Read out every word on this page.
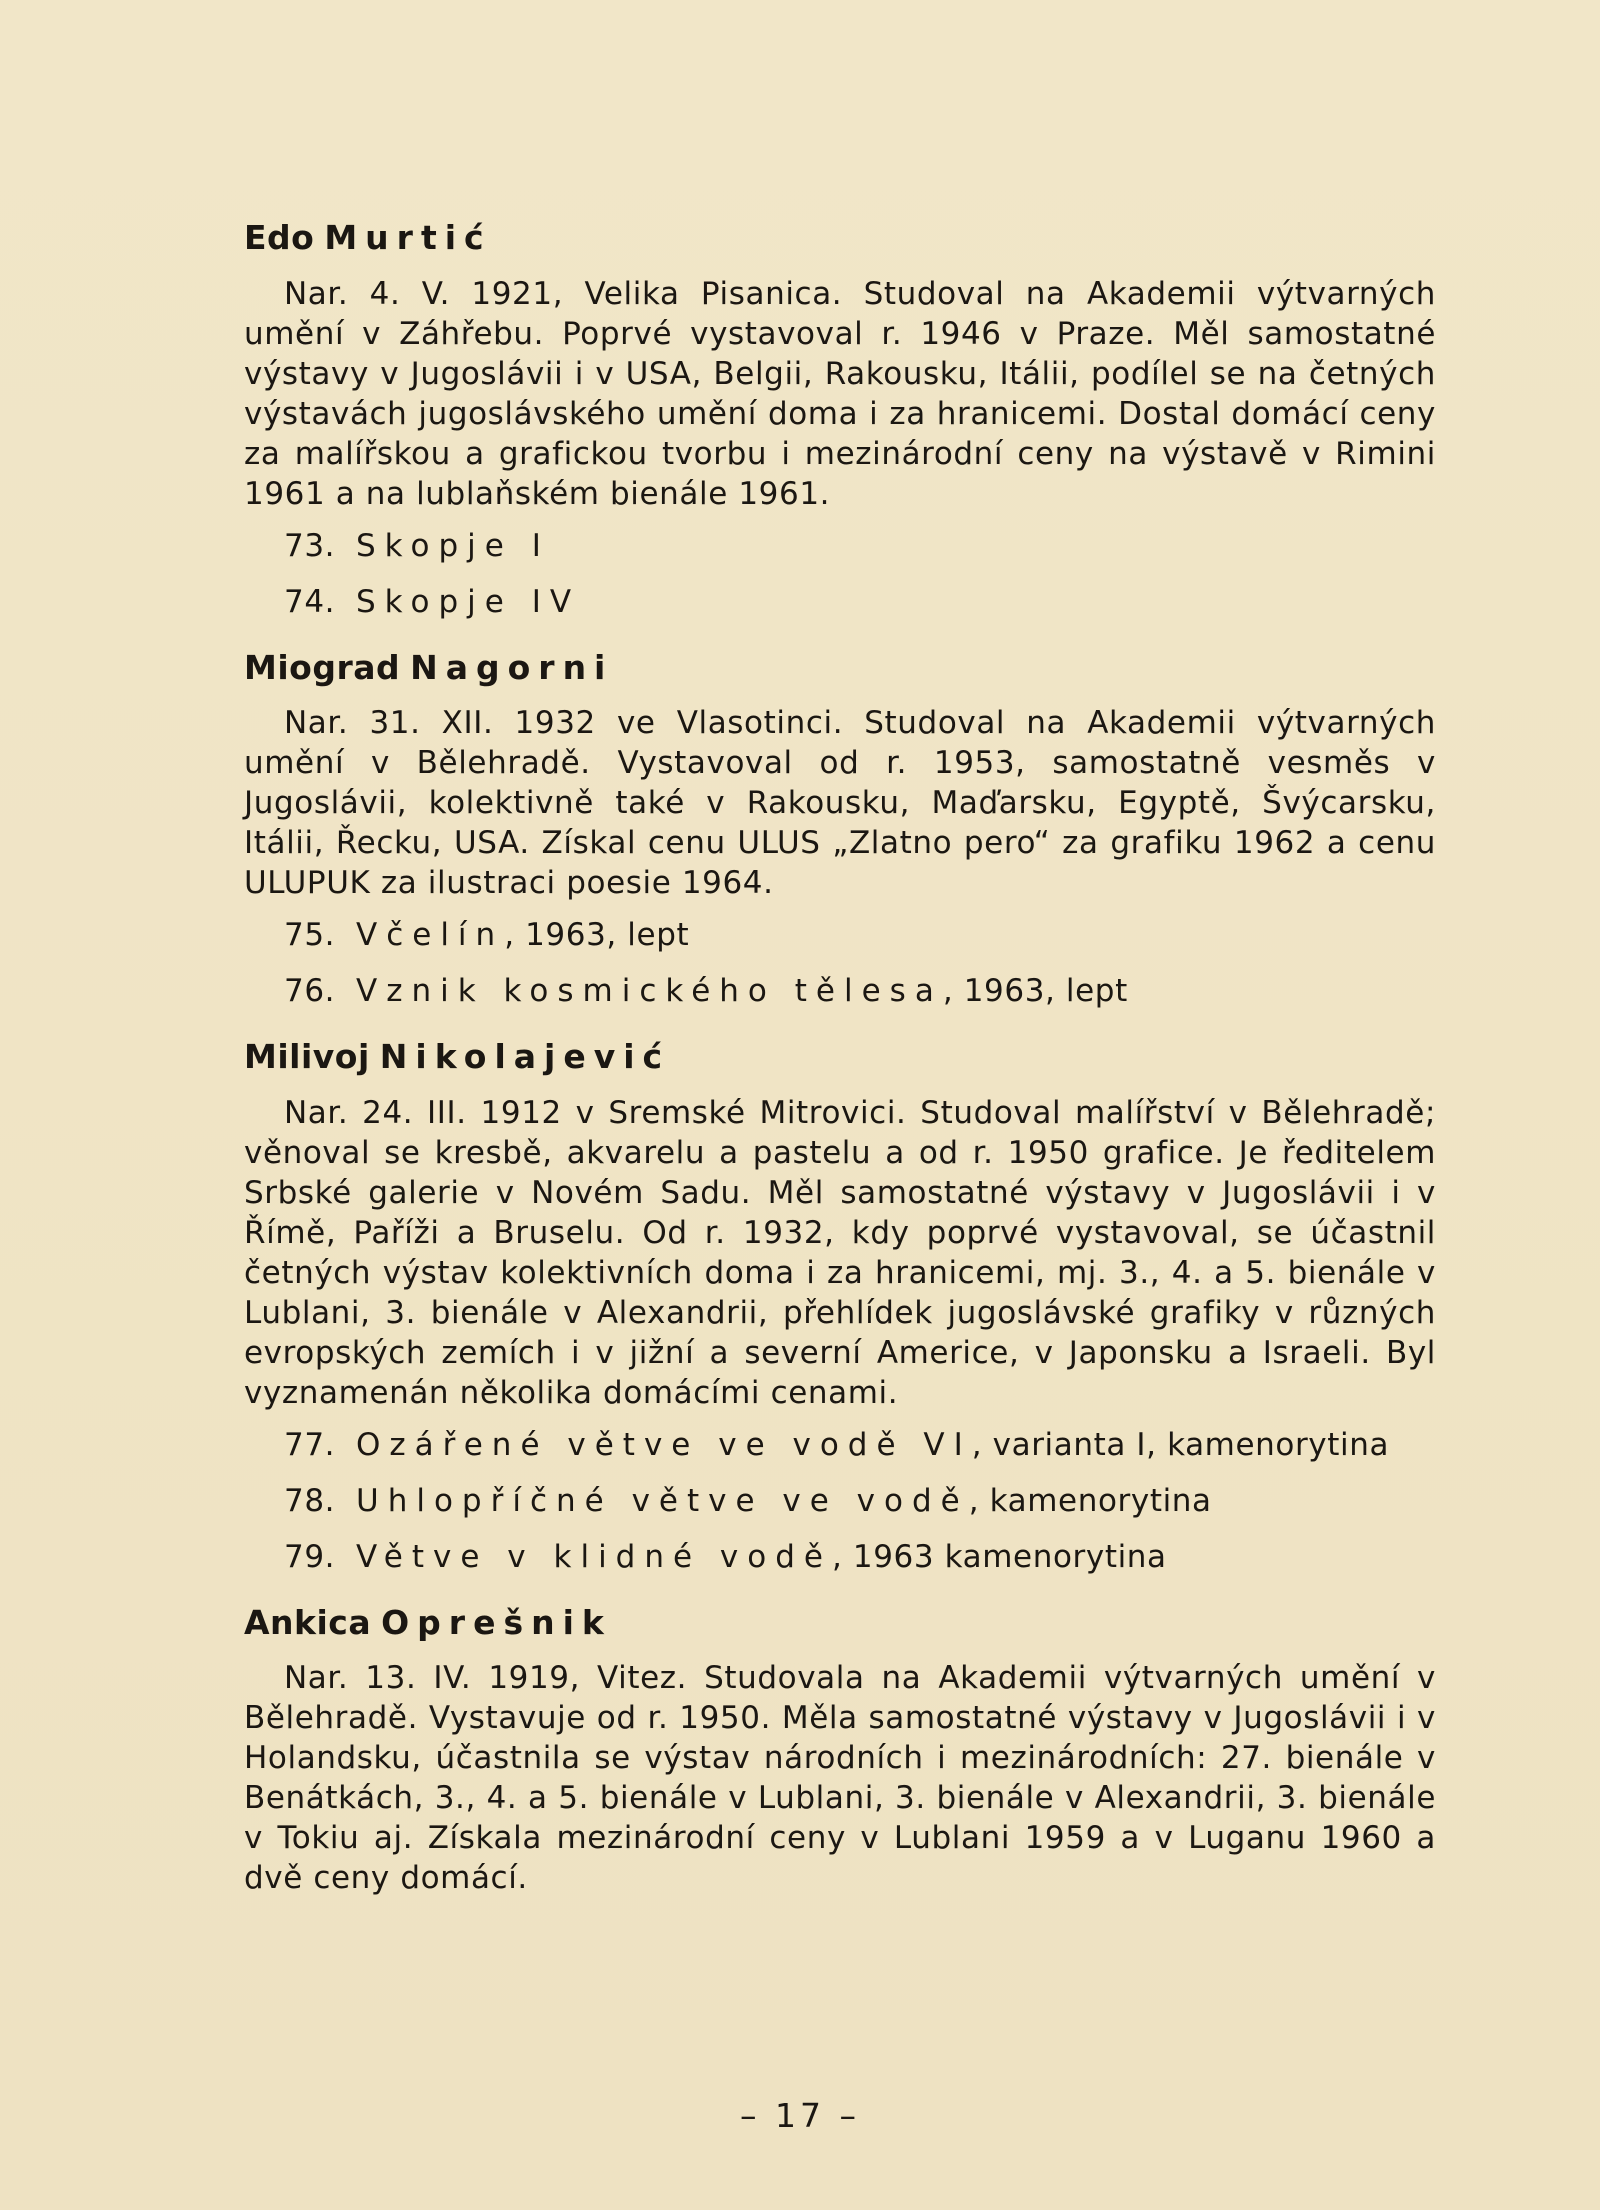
Edo Murtić

Nar. 4. V. 1921, Velika Pisanica. Studoval na Akademii výtvarných umění v Záhřebu. Poprvé vystavoval r. 1946 v Praze. Měl samostatné výstavy v Jugoslávii i v USA, Belgii, Rakousku, Itálii, podílel se na četných výstavách jugoslávského umění doma i za hranicemi. Dostal domácí ceny za malířskou a grafickou tvorbu i mezinárodní ceny na výstavě v Rimini 1961 a na lublaňském bienále 1961.

73. Skopje I
74. Skopje IV
Miograd Nagorni

Nar. 31. XII. 1932 ve Vlasotinci. Studoval na Akademii výtvarných umění v Bělehradě. Vystavoval od r. 1953, samostatně vesměs v Jugoslávii, kolektivně také v Rakousku, Maďarsku, Egyptě, Švýcarsku, Itálii, Řecku, USA. Získal cenu ULUS „Zlatno pero“ za grafiku 1962 a cenu ULUPUK za ilustraci poesie 1964.

75. Včelín, 1963, lept
76. Vznik kosmického tělesa, 1963, lept
Milivoj Nikolajević

Nar. 24. III. 1912 v Sremské Mitrovici. Studoval malířství v Bělehradě; věnoval se kresbě, akvarelu a pastelu a od r. 1950 grafice. Je ředitelem Srbské galerie v Novém Sadu. Měl samostatné výstavy v Jugoslávii i v Římě, Paříži a Bruselu. Od r. 1932, kdy poprvé vystavoval, se účastnil četných výstav kolektivních doma i za hranicemi, mj. 3., 4. a 5. bienále v Lublani, 3. bienále v Alexandrii, přehlídek jugoslávské grafiky v různých evropských zemích i v jižní a severní Americe, v Japonsku a Israeli. Byl vyznamenán několika domácími cenami.

77. Ozářené větve ve vodě VI, varianta I, kamenorytina
78. Uhlopříčné větve ve vodě, kamenorytina
79. Větve v klidné vodě, 1963 kamenorytina
Ankica Oprešnik

Nar. 13. IV. 1919, Vitez. Studovala na Akademii výtvarných umění v Bělehradě. Vystavuje od r. 1950. Měla samostatné výstavy v Jugoslávii i v Holandsku, účastnila se výstav národních i mezinárodních: 27. bienále v Benátkách, 3., 4. a 5. bienále v Lublani, 3. bienále v Alexandrii, 3. bienále v Tokiu aj. Získala mezinárodní ceny v Lublani 1959 a v Luganu 1960 a dvě ceny domácí.

– 17 –
